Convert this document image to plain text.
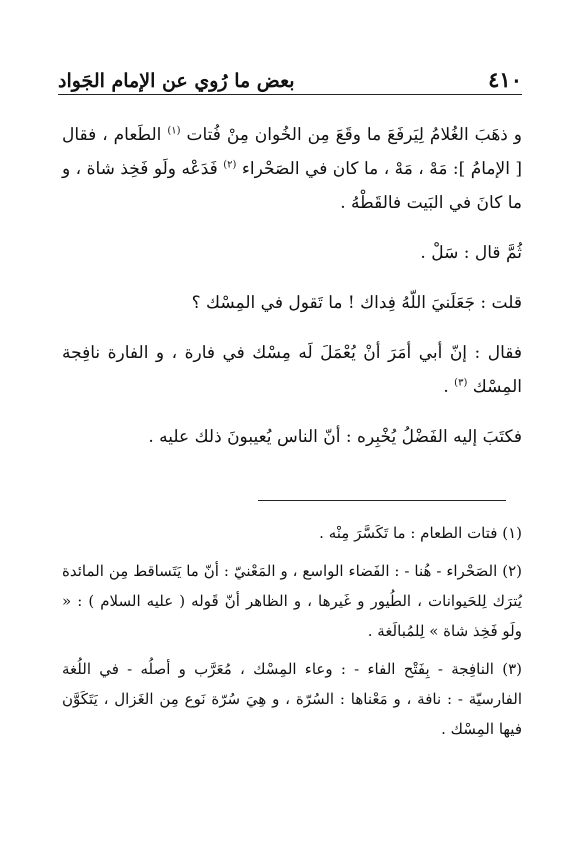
٤١٠
بعض ما رُوي عن الإمام الجَواد

و ذهَبَ الغُلامُ لِيَرفَعَ ما وقَعَ مِن الخُوان مِنْ فُتات $^{(١)}$ الطَعام ، فقال [ الإمامُ ]: مَهْ ، مَهْ ، ما كان في الصَحْراء $^{(٢)}$ فَدَعْه ولَو فَخِذ شاة ، و ما كانَ في البَيت فالقَطْهُ .

ثُمَّ قال : سَلْ .

قلت : جَعَلَنيَ اللّهُ فِداك ! ما تَقول في المِسْك ؟

فقال : إنّ أبي أمَرَ أنْ يُعْمَلَ لَه مِسْك في فارة ، و الفارة نافِجة المِسْك $^{(٣)}$ .

فكتَبَ إليه الفَضْلُ يُخْبِره : أنّ الناس يُعيبونَ ذلك عليه .

(١) فتات الطعام : ما تَكَسَّرَ مِنْه .

(٢) الصَحْراء - هُنا - : الفَضاء الواسع ، و المَعْنيّ : أنّ ما يَتَساقط مِن المائدة يُترَك لِلحَيوانات ، الطُيور و غَيرها ، و الظاهر أنّ قَوله ( عليه السلام ) : « ولَو فَخِذ شاة » لِلمُبالَغة .

(٣) النافِجة - بِفَتْح الفاء - : وعاء المِسْك ، مُعَرَّب و أصلُه - في اللُغة الفارسيّة - : نافة ، و مَعْناها : السُرّة ، و هِيَ سُرّة نَوع مِن الغَزال ، يَتَكَوَّن فيها المِسْك .
